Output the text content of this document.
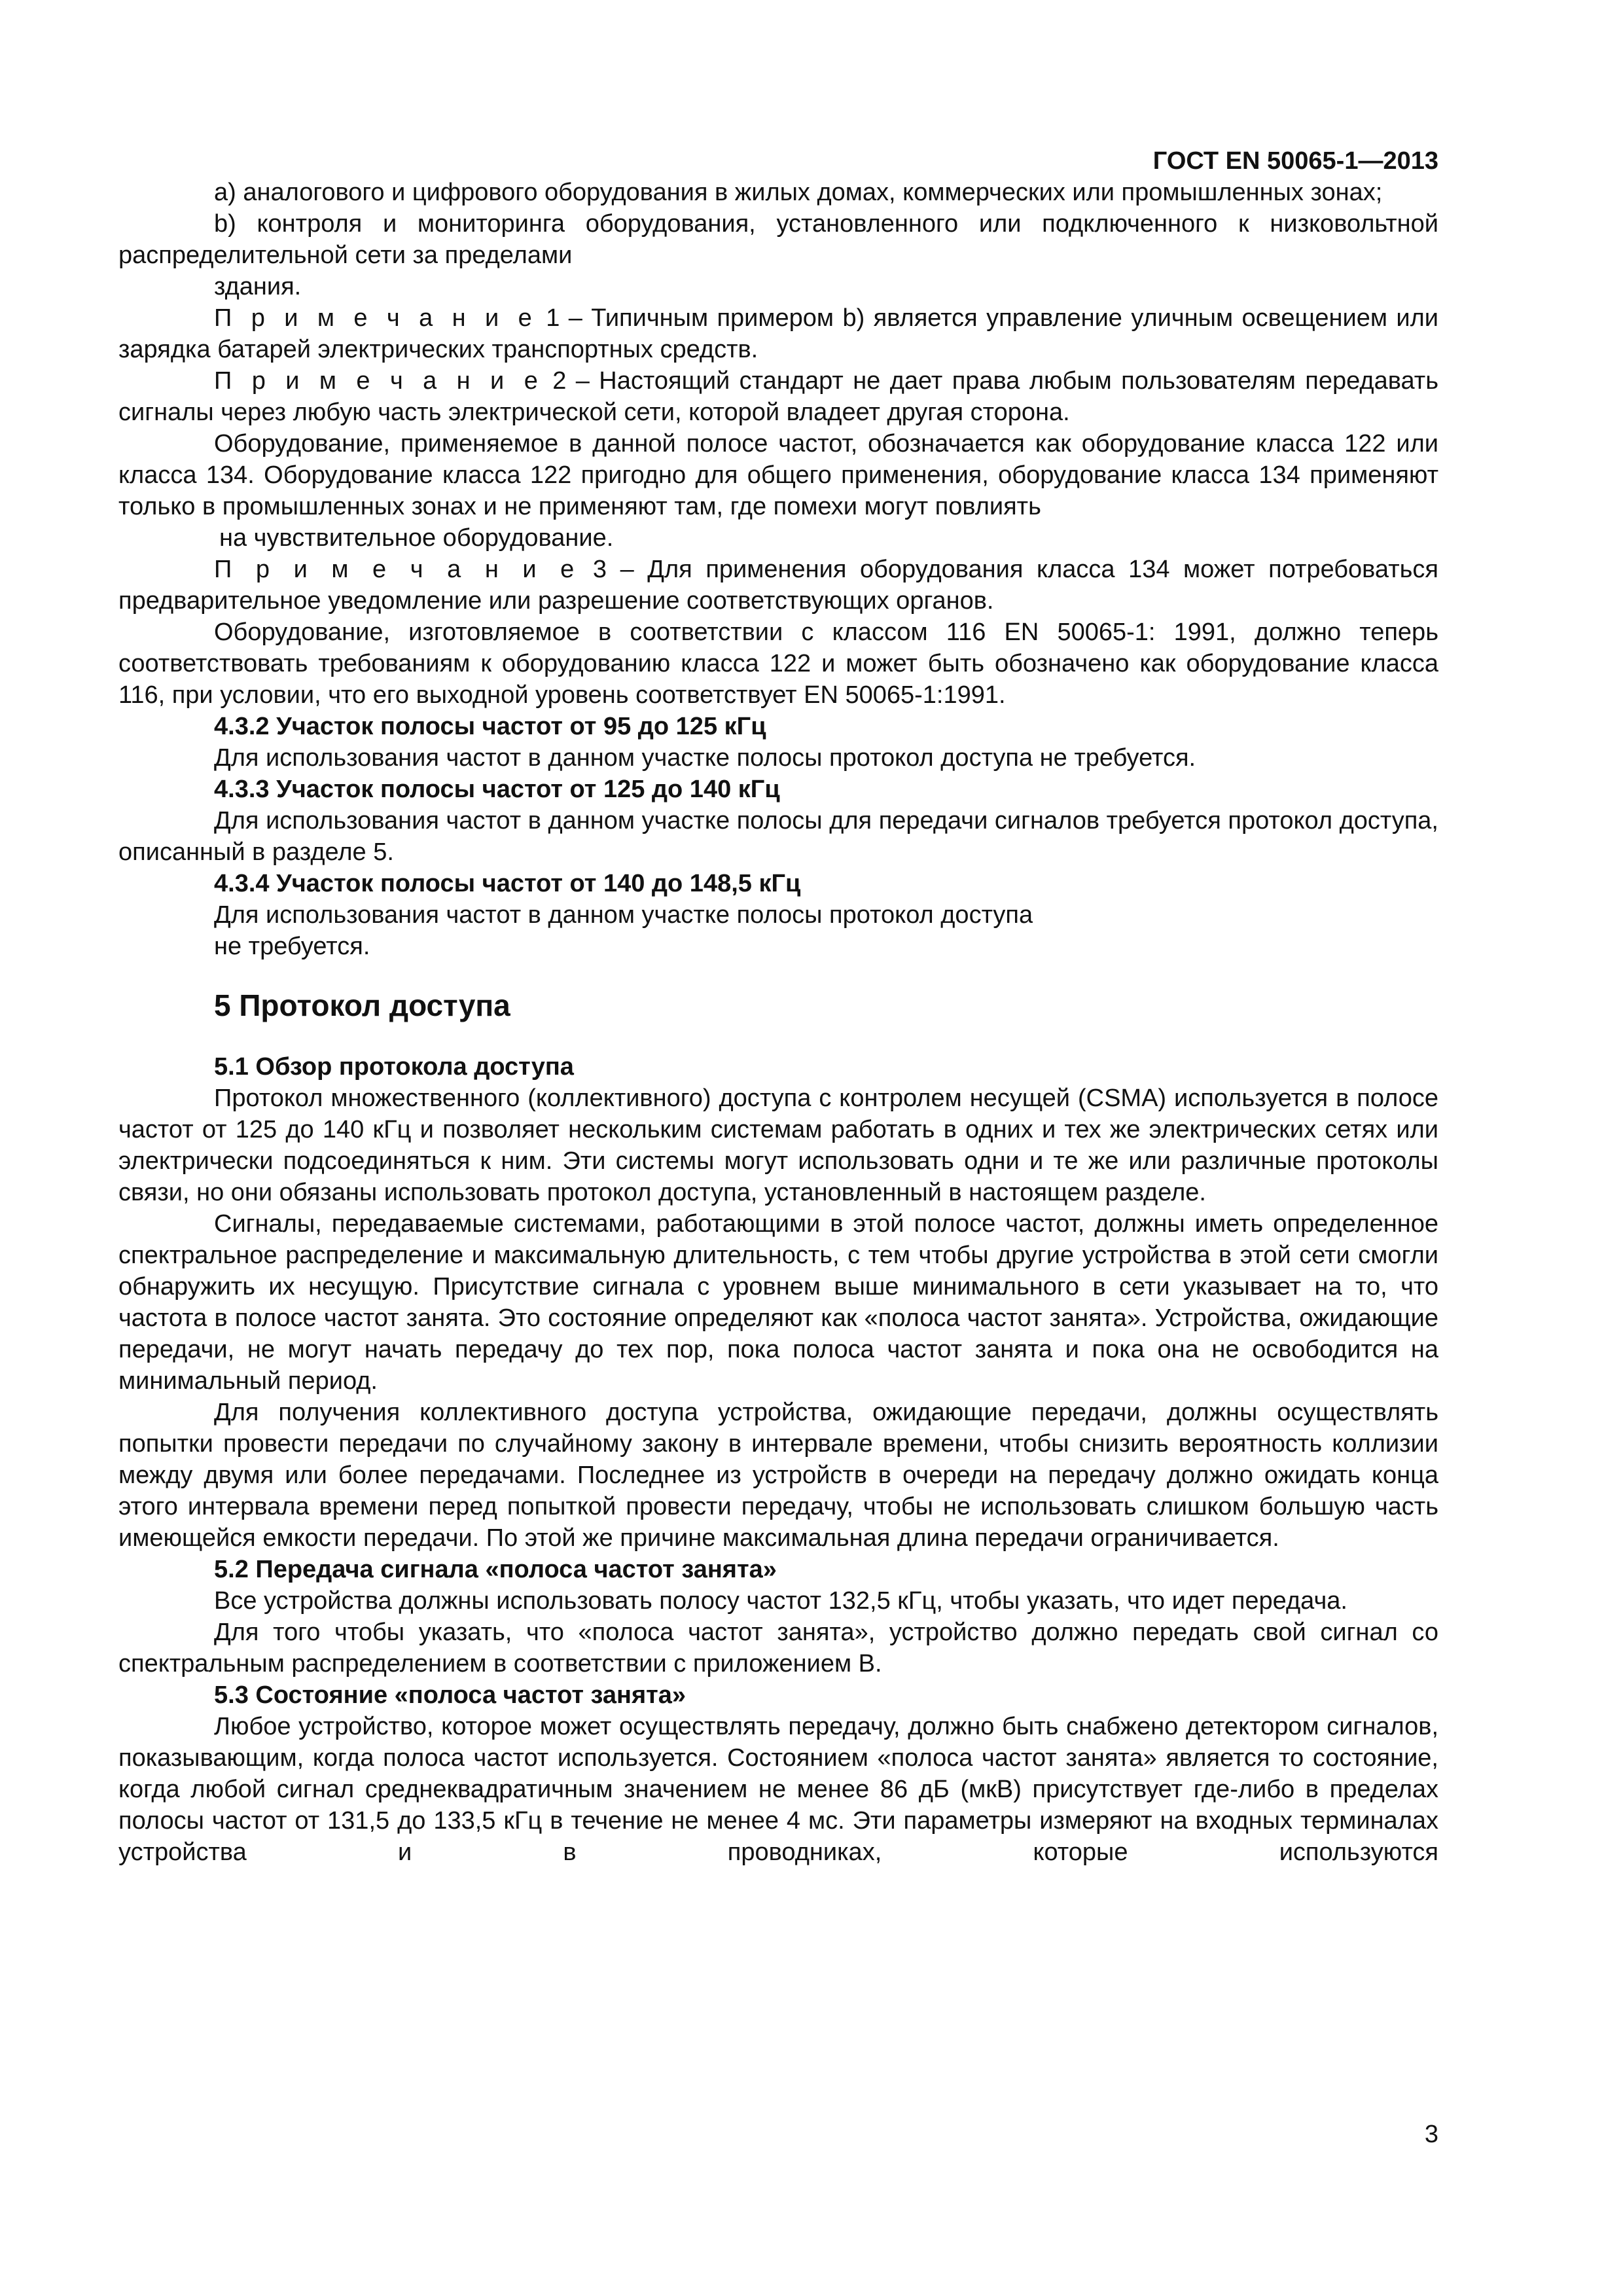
ГОСТ EN 50065-1—2013

a) аналогового и цифрового оборудования в жилых домах, коммерческих или промышленных зонах;

b) контроля и мониторинга оборудования, установленного или подключенного к низковольтной распределительной сети за пределами

здания.

П р и м е ч а н и е 1 – Типичным примером b) является управление уличным освещением или зарядка батарей электрических транспортных средств.

П р и м е ч а н и е 2 – Настоящий стандарт не дает права любым пользователям передавать сигналы через любую часть электрической сети, которой владеет другая сторона.

Оборудование, применяемое в данной полосе частот, обозначается как оборудование класса 122 или класса 134. Оборудование класса 122 пригодно для общего применения, оборудование класса 134 применяют только в промышленных зонах и не применяют там, где помехи могут повлиять

на чувствительное оборудование.

П р и м е ч а н и е 3 – Для применения оборудования класса 134 может потребоваться предварительное уведомление или разрешение соответствующих органов.

Оборудование, изготовляемое в соответствии с классом 116 EN 50065-1: 1991, должно теперь соответствовать требованиям к оборудованию класса 122 и может быть обозначено как оборудование класса 116, при условии, что его выходной уровень соответствует EN 50065-1:1991.

4.3.2 Участок полосы частот от 95 до 125 кГц

Для использования частот в данном участке полосы протокол доступа не требуется.

4.3.3 Участок полосы частот от 125 до 140 кГц

Для использования частот в данном участке полосы для передачи сигналов требуется протокол доступа, описанный в разделе 5.

4.3.4 Участок полосы частот от 140 до 148,5 кГц

Для использования частот в данном участке полосы протокол доступа

не требуется.

5 Протокол доступа

5.1 Обзор протокола доступа

Протокол множественного (коллективного) доступа с контролем несущей (CSMA) используется в полосе частот от 125 до 140 кГц и позволяет нескольким системам работать в одних и тех же электрических сетях или электрически подсоединяться к ним. Эти системы могут использовать одни и те же или различные протоколы связи, но они обязаны использовать протокол доступа, установленный в настоящем разделе.

Сигналы, передаваемые системами, работающими в этой полосе частот, должны иметь определенное спектральное распределение и максимальную длительность, с тем чтобы другие устройства в этой сети смогли обнаружить их несущую. Присутствие сигнала с уровнем выше минимального в сети указывает на то, что частота в полосе частот занята. Это состояние определяют как «полоса частот занята». Устройства, ожидающие передачи, не могут начать передачу до тех пор, пока полоса частот занята и пока она не освободится на минимальный период.

Для получения коллективного доступа устройства, ожидающие передачи, должны осуществлять попытки провести передачи по случайному закону в интервале времени, чтобы снизить вероятность коллизии между двумя или более передачами. Последнее из устройств в очереди на передачу должно ожидать конца этого интервала времени перед попыткой провести передачу, чтобы не использовать слишком большую часть имеющейся емкости передачи. По этой же причине максимальная длина передачи ограничивается.

5.2 Передача сигнала «полоса частот занята»

Все устройства должны использовать полосу частот 132,5 кГц, чтобы указать, что идет передача.

Для того чтобы указать, что «полоса частот занята», устройство должно передать свой сигнал со спектральным распределением в соответствии с приложением В.

5.3 Состояние «полоса частот занята»

Любое устройство, которое может осуществлять передачу, должно быть снабжено детектором сигналов, показывающим, когда полоса частот используется. Состоянием «полоса частот занята» является то состояние, когда любой сигнал среднеквадратичным значением не менее 86 дБ (мкВ) присутствует где-либо в пределах полосы частот от 131,5 до 133,5 кГц в течение не менее 4 мс. Эти параметры измеряют на входных терминалах устройства и в проводниках, которые используются

3
